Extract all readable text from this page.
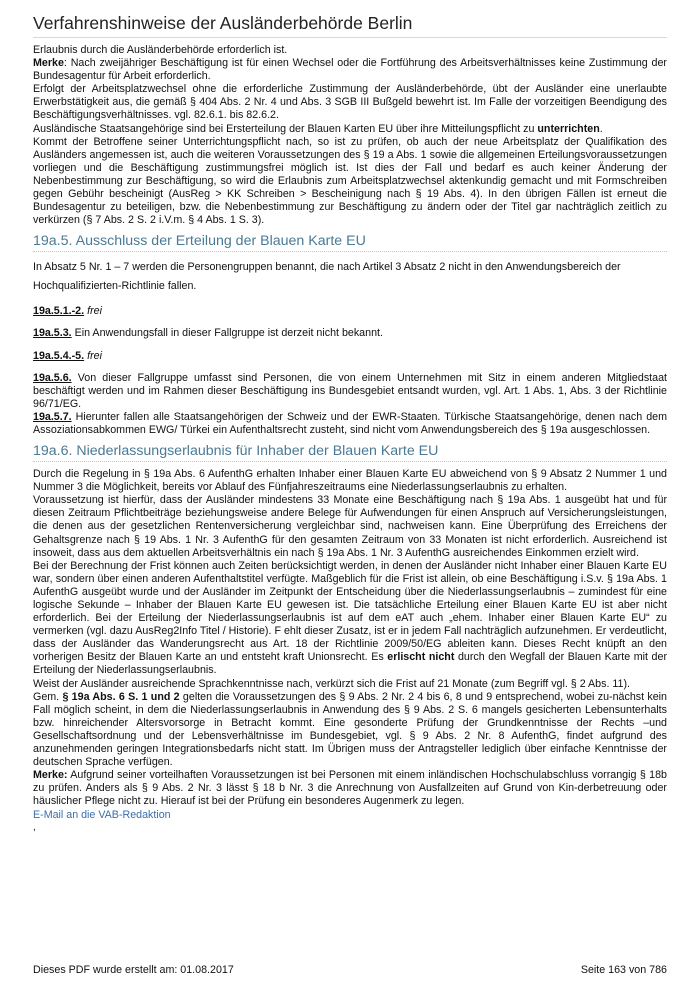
Verfahrenshinweise der Ausländerbehörde Berlin

Erlaubnis durch die Ausländerbehörde erforderlich ist.

Merke: Nach zweijähriger Beschäftigung ist für einen Wechsel oder die Fortführung des Arbeitsverhältnisses keine Zustimmung der Bundesagentur für Arbeit erforderlich.

Erfolgt der Arbeitsplatzwechsel ohne die erforderliche Zustimmung der Ausländerbehörde, übt der Ausländer eine unerlaubte Erwerbstätigkeit aus, die gemäß § 404 Abs. 2 Nr. 4 und Abs. 3 SGB III Bußgeld bewehrt ist. Im Falle der vorzeitigen Beendigung des Beschäftigungsverhältnisses. vgl. 82.6.1. bis 82.6.2.

Ausländische Staatsangehörige sind bei Ersterteilung der Blauen Karten EU über ihre Mitteilungspflicht zu unterrichten.

Kommt der Betroffene seiner Unterrichtungspflicht nach, so ist zu prüfen, ob auch der neue Arbeitsplatz der Qualifikation des Ausländers angemessen ist, auch die weiteren Voraussetzungen des § 19 a Abs. 1 sowie die allgemeinen Erteilungsvoraussetzungen vorliegen und die Beschäftigung zustimmungsfrei möglich ist. Ist dies der Fall und bedarf es auch keiner Änderung der Nebenbestimmung zur Beschäftigung, so wird die Erlaubnis zum Arbeitsplatzwechsel aktenkundig gemacht und mit Formschreiben gegen Gebühr bescheinigt (AusReg > KK Schreiben > Bescheinigung nach § 19 Abs. 4). In den übrigen Fällen ist erneut die Bundesagentur zu beteiligen, bzw. die Nebenbestimmung zur Beschäftigung zu ändern oder der Titel gar nachträglich zeitlich zu verkürzen (§ 7 Abs. 2 S. 2 i.V.m. § 4 Abs. 1 S. 3).

19a.5. Ausschluss der Erteilung der Blauen Karte EU

In Absatz 5 Nr. 1 – 7 werden die Personengruppen benannt, die nach Artikel 3 Absatz 2 nicht in den Anwendungsbereich der Hochqualifizierten-Richtlinie fallen.

19a.5.1.-2. frei

19a.5.3. Ein Anwendungsfall in dieser Fallgruppe ist derzeit nicht bekannt.

19a.5.4.-5. frei

19a.5.6. Von dieser Fallgruppe umfasst sind Personen, die von einem Unternehmen mit Sitz in einem anderen Mitgliedstaat beschäftigt werden und im Rahmen dieser Beschäftigung ins Bundesgebiet entsandt wurden, vgl. Art. 1 Abs. 1, Abs. 3 der Richtlinie 96/71/EG.

19a.5.7. Hierunter fallen alle Staatsangehörigen der Schweiz und der EWR-Staaten. Türkische Staatsangehörige, denen nach dem Assoziationsabkommen EWG/ Türkei ein Aufenthaltsrecht zusteht, sind nicht vom Anwendungsbereich des § 19a ausgeschlossen.

19a.6. Niederlassungserlaubnis für Inhaber der Blauen Karte EU

Durch die Regelung in § 19a Abs. 6 AufenthG erhalten Inhaber einer Blauen Karte EU abweichend von § 9 Absatz 2 Nummer 1 und Nummer 3 die Möglichkeit, bereits vor Ablauf des Fünfjahreszeitraums eine Niederlassungserlaubnis zu erhalten.

Voraussetzung ist hierfür, dass der Ausländer mindestens 33 Monate eine Beschäftigung nach § 19a Abs. 1 ausgeübt hat und für diesen Zeitraum Pflichtbeiträge beziehungsweise andere Belege für Aufwendungen für einen Anspruch auf Versicherungsleistungen, die denen aus der gesetzlichen Rentenversicherung vergleichbar sind, nachweisen kann. Eine Überprüfung des Erreichens der Gehaltsgrenze nach § 19 Abs. 1 Nr. 3 AufenthG für den gesamten Zeitraum von 33 Monaten ist nicht erforderlich. Ausreichend ist insoweit, dass aus dem aktuellen Arbeitsverhältnis ein nach § 19a Abs. 1 Nr. 3 AufenthG ausreichendes Einkommen erzielt wird.

Bei der Berechnung der Frist können auch Zeiten berücksichtigt werden, in denen der Ausländer nicht Inhaber einer Blauen Karte EU war, sondern über einen anderen Aufenthaltstitel verfügte. Maßgeblich für die Frist ist allein, ob eine Beschäftigung i.S.v. § 19a Abs. 1 AufenthG ausgeübt wurde und der Ausländer im Zeitpunkt der Entscheidung über die Niederlassungserlaubnis – zumindest für eine logische Sekunde – Inhaber der Blauen Karte EU gewesen ist. Die tatsächliche Erteilung einer Blauen Karte EU ist aber nicht erforderlich. Bei der Erteilung der Niederlassungserlaubnis ist auf dem eAT auch „ehem. Inhaber einer Blauen Karte EU“ zu vermerken (vgl. dazu AusReg2Info Titel / Historie). F ehlt dieser Zusatz, ist er in jedem Fall nachträglich aufzunehmen. Er verdeutlicht, dass der Ausländer das Wanderungsrecht aus Art. 18 der Richtlinie 2009/50/EG ableiten kann. Dieses Recht knüpft an den vorherigen Besitz der Blauen Karte an und entsteht kraft Unionsrecht. Es erlischt nicht durch den Wegfall der Blauen Karte mit der Erteilung der Niederlassungserlaubnis.

Weist der Ausländer ausreichende Sprachkenntnisse nach, verkürzt sich die Frist auf 21 Monate (zum Begriff vgl. § 2 Abs. 11).

Gem. § 19a Abs. 6 S. 1 und 2 gelten die Voraussetzungen des § 9 Abs. 2 Nr. 2 4 bis 6, 8 und 9 entsprechend, wobei zu-nächst kein Fall möglich scheint, in dem die Niederlassungserlaubnis in Anwendung des § 9 Abs. 2 S. 6 mangels gesicherten Lebensunterhalts bzw. hinreichender Altersvorsorge in Betracht kommt. Eine gesonderte Prüfung der Grundkenntnisse der Rechts –und Gesellschaftsordnung und der Lebensverhältnisse im Bundesgebiet, vgl. § 9 Abs. 2 Nr. 8 AufenthG, findet aufgrund des anzunehmenden geringen Integrationsbedarfs nicht statt. Im Übrigen muss der Antragsteller lediglich über einfache Kenntnisse der deutschen Sprache verfügen.

Merke: Aufgrund seiner vorteilhaften Voraussetzungen ist bei Personen mit einem inländischen Hochschulabschluss vorrangig § 18b zu prüfen. Anders als § 9 Abs. 2 Nr. 3 lässt § 18 b Nr. 3 die Anrechnung von Ausfallzeiten auf Grund von Kin-derbetreuung oder häuslicher Pflege nicht zu. Hierauf ist bei der Prüfung ein besonderes Augenmerk zu legen.

E-Mail an die VAB-Redaktion
,
Dieses PDF wurde erstellt am: 01.08.2017	Seite 163 von 786
